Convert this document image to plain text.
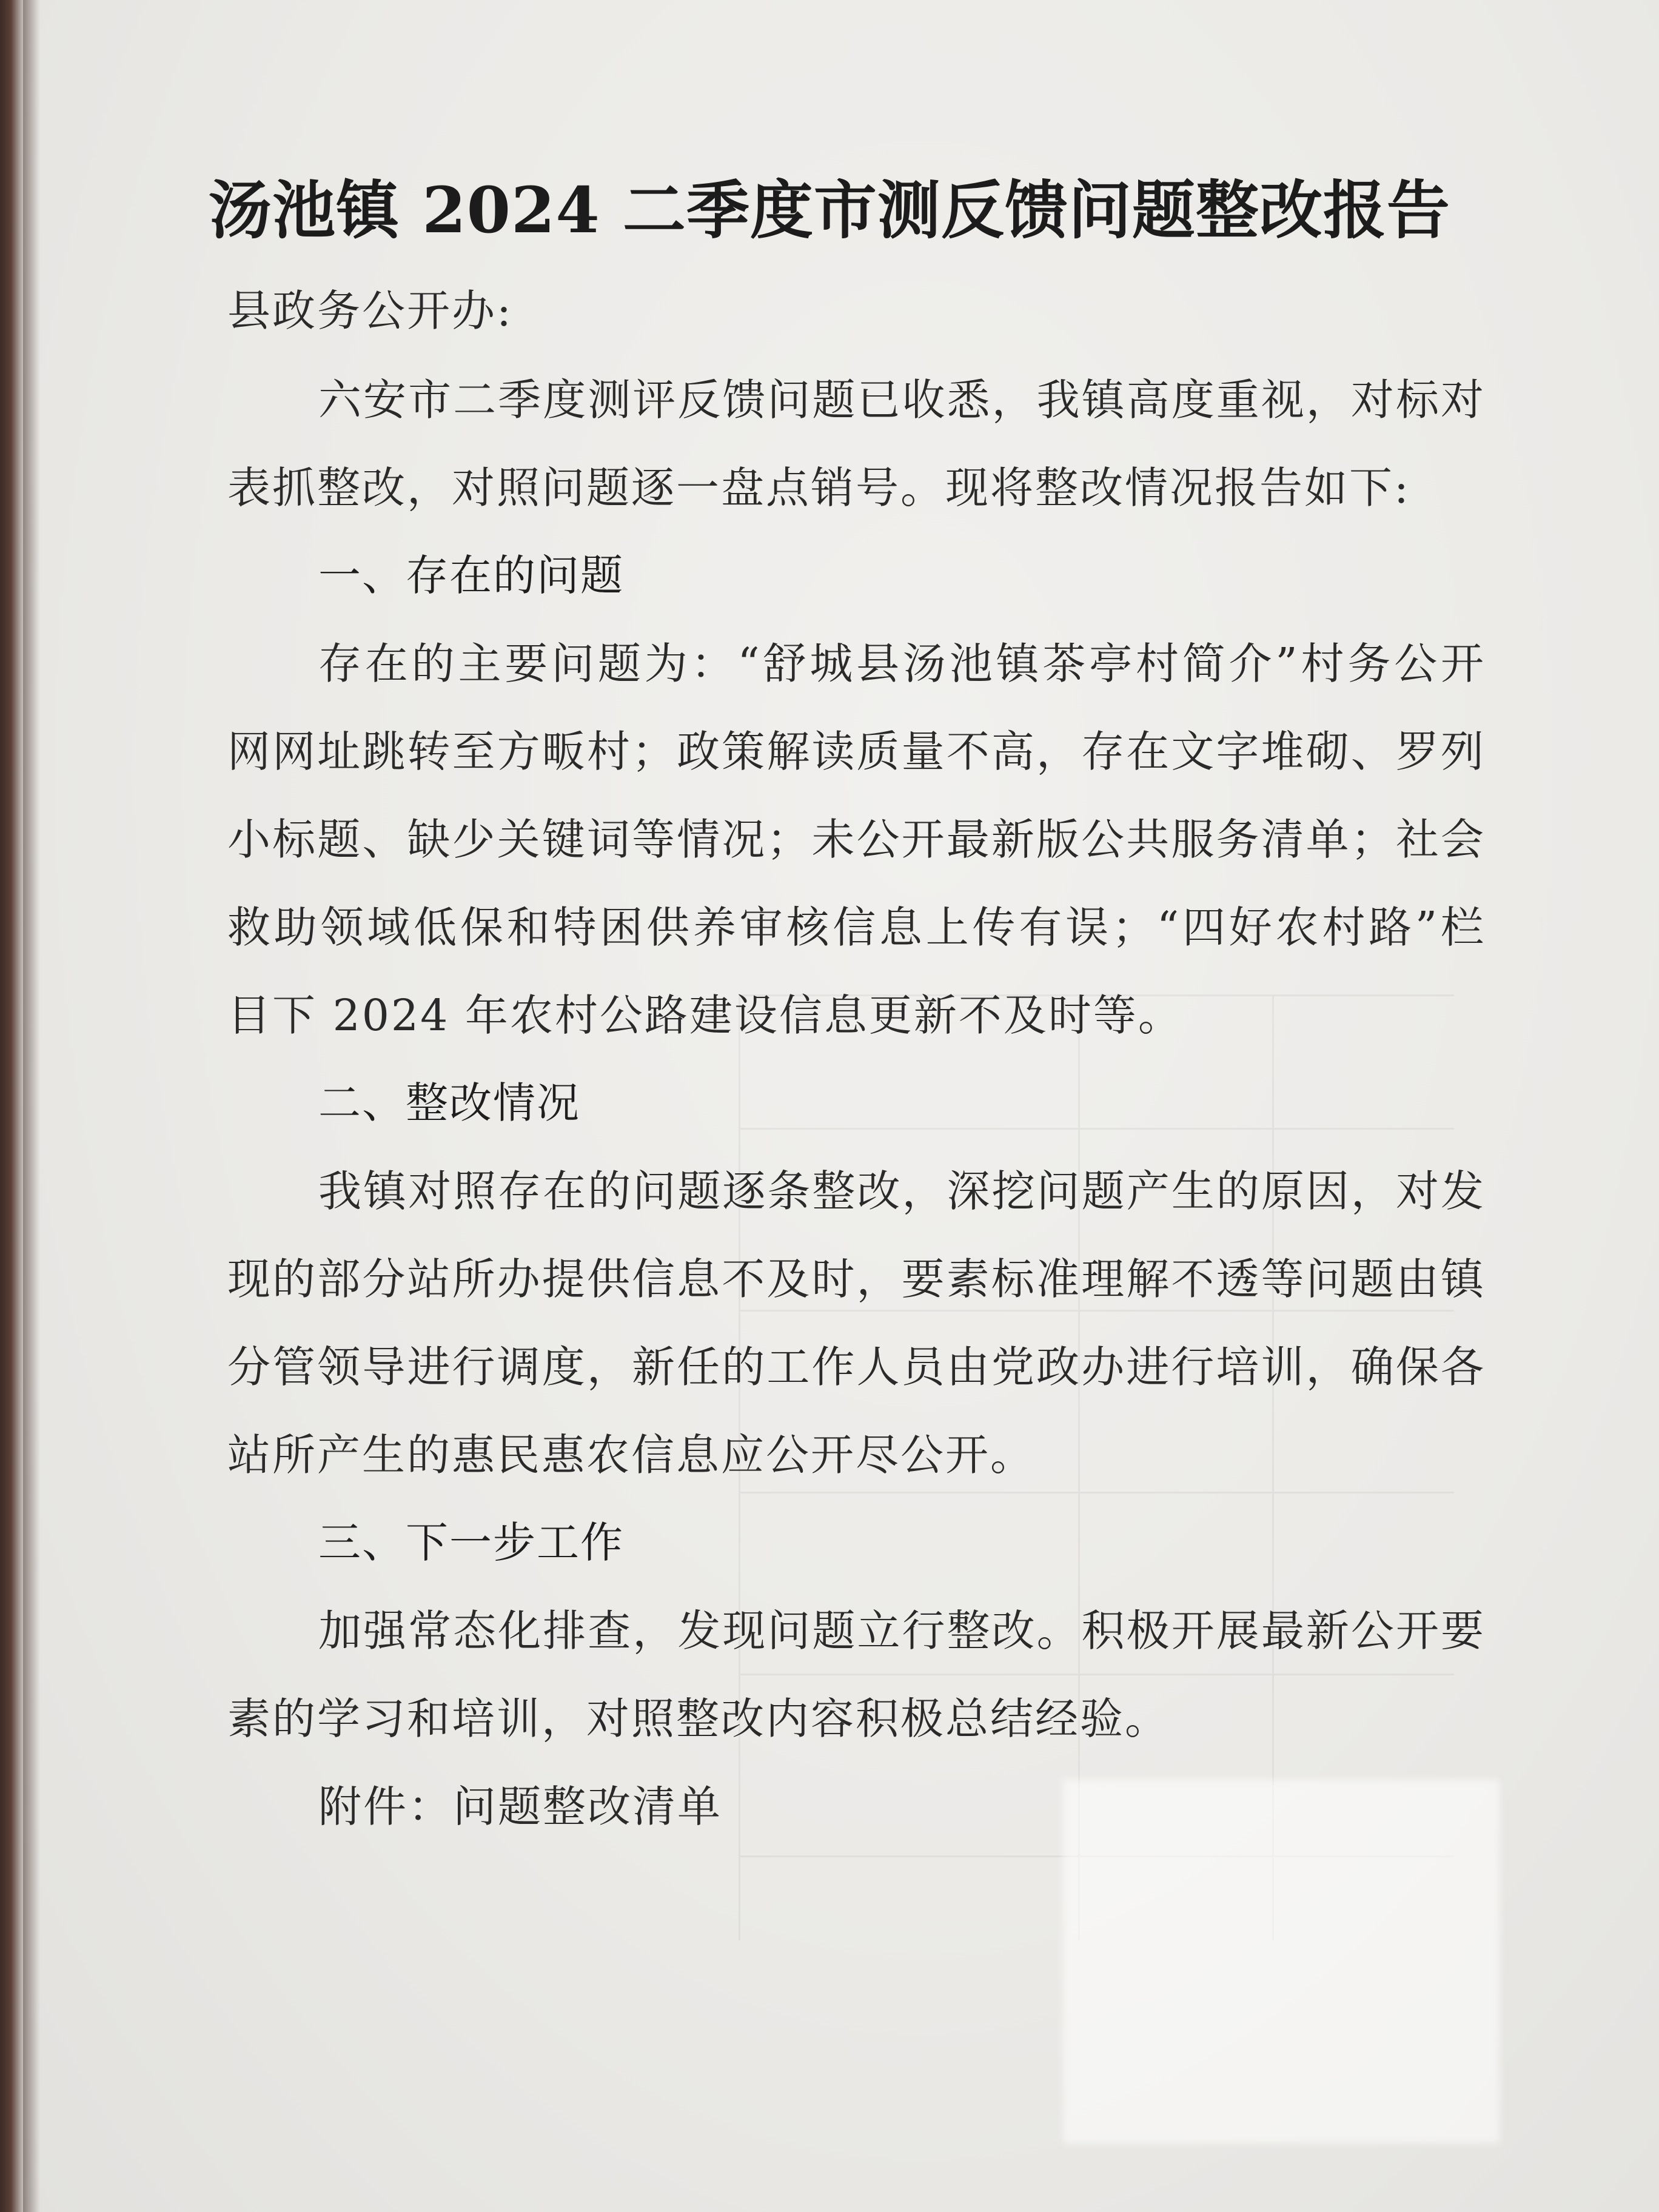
汤池镇 2024 二季度市测反馈问题整改报告

县政务公开办:

六安市二季度测评反馈问题已收悉，我镇高度重视，对标对表抓整改，对照问题逐一盘点销号。现将整改情况报告如下:

一、存在的问题

存在的主要问题为：“舒城县汤池镇茶亭村简介”村务公开网网址跳转至方畈村；政策解读质量不高，存在文字堆砌、罗列小标题、缺少关键词等情况；未公开最新版公共服务清单；社会救助领域低保和特困供养审核信息上传有误；“四好农村路”栏目下 2024 年农村公路建设信息更新不及时等。

二、整改情况

我镇对照存在的问题逐条整改，深挖问题产生的原因，对发现的部分站所办提供信息不及时，要素标准理解不透等问题由镇分管领导进行调度，新任的工作人员由党政办进行培训，确保各站所产生的惠民惠农信息应公开尽公开。

三、下一步工作

加强常态化排查，发现问题立行整改。积极开展最新公开要素的学习和培训，对照整改内容积极总结经验。

附件：问题整改清单
